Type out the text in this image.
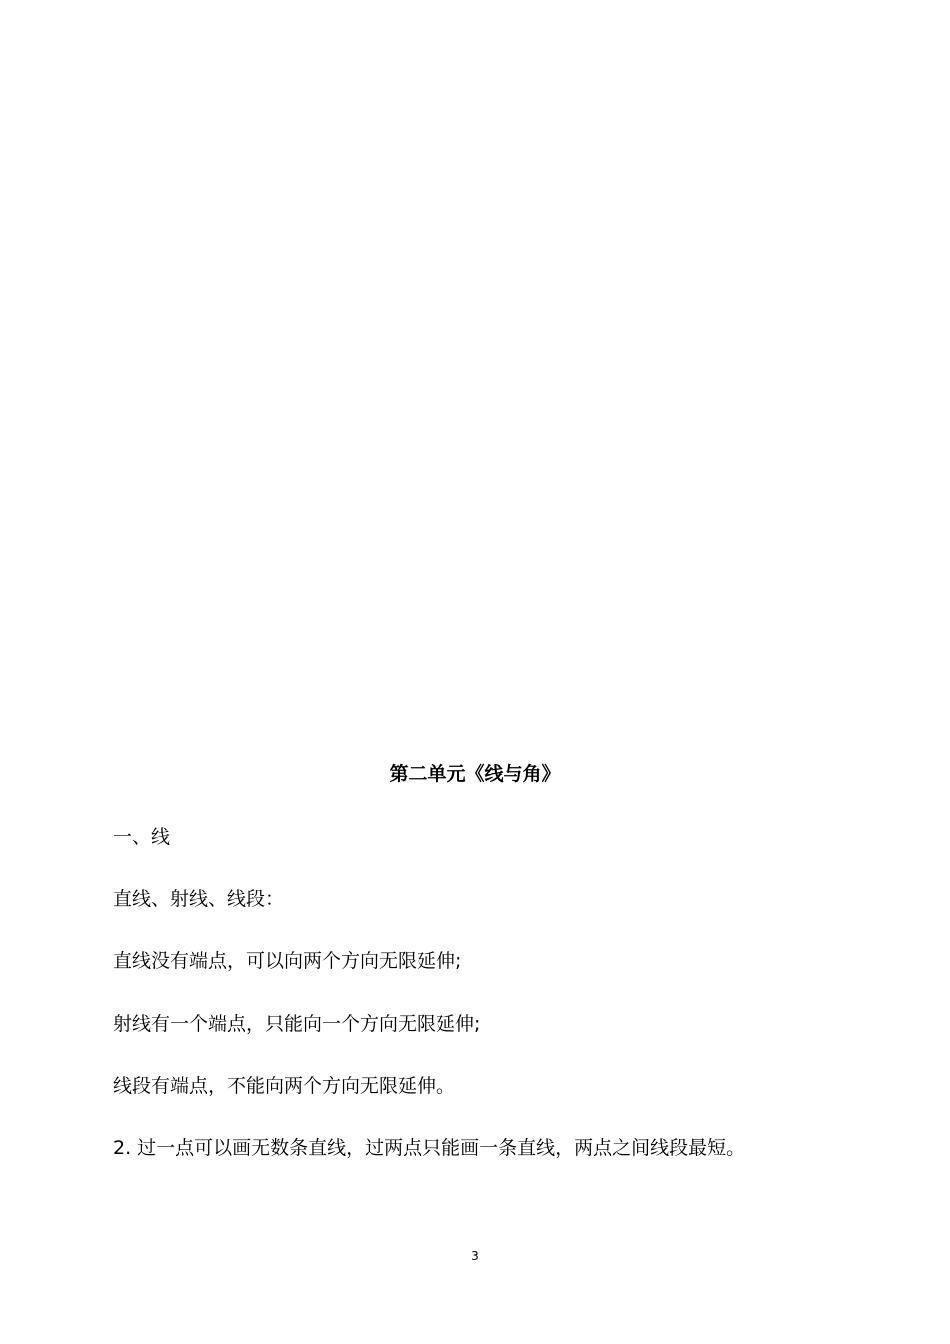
第二单元《线与角》
一、线
直线、射线、线段：
直线没有端点，可以向两个方向无限延伸;
射线有一个端点，只能向一个方向无限延伸;
线段有端点，不能向两个方向无限延伸。
2. 过一点可以画无数条直线，过两点只能画一条直线，两点之间线段最短。
3
